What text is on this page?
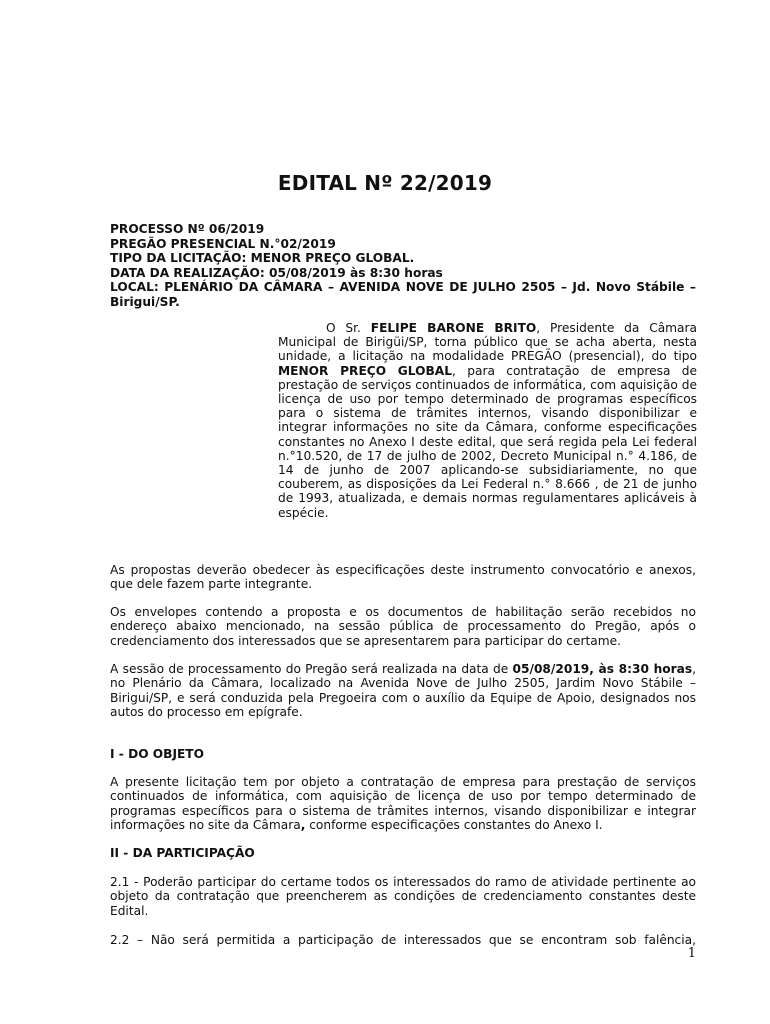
EDITAL Nº 22/2019
PROCESSO Nº 06/2019
PREGÃO PRESENCIAL N.°02/2019
TIPO DA LICITAÇÃO: MENOR PREÇO GLOBAL.
DATA DA REALIZAÇÃO: 05/08/2019 às 8:30 horas
LOCAL: PLENÁRIO DA CÂMARA – AVENIDA NOVE DE JULHO 2505 – Jd. Novo Stábile – Birigui/SP.
O Sr. FELIPE BARONE BRITO, Presidente da Câmara Municipal de Birigüi/SP, torna público que se acha aberta, nesta unidade, a licitação na modalidade PREGÃO (presencial), do tipo MENOR PREÇO GLOBAL, para contratação de empresa de prestação de serviços continuados de informática, com aquisição de licença de uso por tempo determinado de programas específicos para o sistema de trâmites internos, visando disponibilizar e integrar informações no site da Câmara, conforme especificações constantes no Anexo I deste edital, que será regida pela Lei federal n.°10.520, de 17 de julho de 2002, Decreto Municipal n.° 4.186, de 14 de junho de 2007 aplicando-se subsidiariamente, no que couberem, as disposições da Lei Federal n.° 8.666 , de 21 de junho de 1993, atualizada, e demais normas regulamentares aplicáveis à espécie.

As propostas deverão obedecer às especificações deste instrumento convocatório e anexos, que dele fazem parte integrante.

Os envelopes contendo a proposta e os documentos de habilitação serão recebidos no endereço abaixo mencionado, na sessão pública de processamento do Pregão, após o credenciamento dos interessados que se apresentarem para participar do certame.

A sessão de processamento do Pregão será realizada na data de 05/08/2019, às 8:30 horas, no Plenário da Câmara, localizado na Avenida Nove de Julho 2505, Jardim Novo Stábile – Birigui/SP, e será conduzida pela Pregoeira com o auxílio da Equipe de Apoio, designados nos autos do processo em epígrafe.

I - DO OBJETO

A presente licitação tem por objeto a contratação de empresa para prestação de serviços continuados de informática, com aquisição de licença de uso por tempo determinado de programas específicos para o sistema de trâmites internos, visando disponibilizar e integrar informações no site da Câmara, conforme especificações constantes do Anexo I.

II - DA PARTICIPAÇÃO

2.1 - Poderão participar do certame todos os interessados do ramo de atividade pertinente ao objeto da contratação que preencherem as condições de credenciamento constantes deste Edital.

2.2 – Não será permitida a participação de interessados que se encontram sob falência,

1
